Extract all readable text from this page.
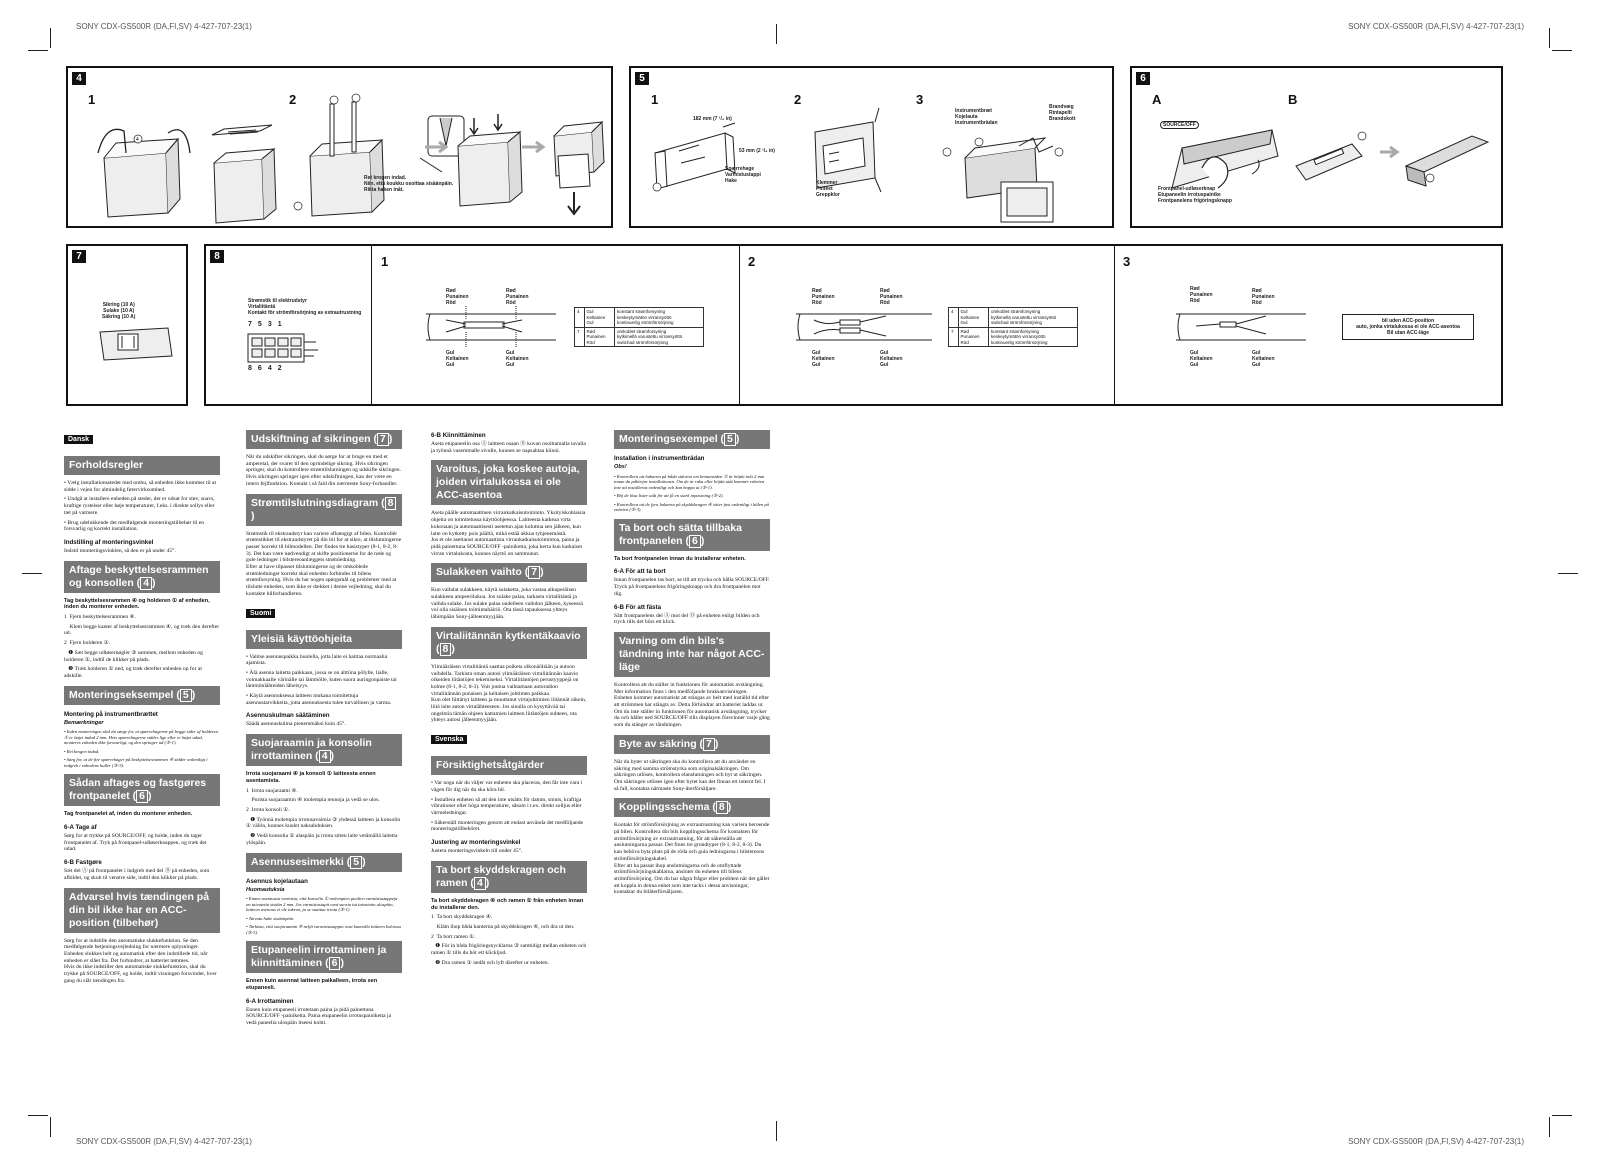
SONY CDX-GS500R (DA,FI,SV) 4-427-707-23(1)	SONY CDX-GS500R (DA,FI,SV) 4-427-707-23(1)
SONY CDX-GS500R (DA,FI,SV) 4-427-707-23(1)	SONY CDX-GS500R (DA,FI,SV) 4-427-707-23(1)
4
1	2
4
Ret krogen indad.
Niin, että koukku osoittaa sisäänpäin.
Rikta haken inåt.
5
1	2	3
182 mm (7 ¹/₄ in)
53 mm (2 ¹/₈ in)
Spærrehage
Varmistustappi
Hake	Klemmer
Pinteet
Greppklor
Instrumentbræt
Kojelauta
Instrumentbrädan
Brandvæg
Rintapelti
Brandskott
6
A	B
SOURCE/OFF
Frontpanel-udløserknap
Etupaneelin irrotuspainike
Frontpanelens frigöringsknapp
7
Sikring (10 A)
Sulake (10 A)
Säkring (10 A)
8	1	2	3
Strømstik til elektrudstyr
Virtaliitäntä
Kontakt för strömförsörjning av extrautrustning
7531
8642
Rød
Punainen
Röd
Rød
Punainen
Röd
Gul
Keltainen
Gul
Gul
Keltainen
Gul
4	Gul
Keltainen
Gul	konstant strømforsyning
keskeytymätön virransyöttö
kontinuerlig strömförsörjning
7	Rød
Punainen
Röd	omkoblet strømforsyning
kytkimellä varustettu virransyöttö
switchad strömförsörjning
Rød
Punainen
Röd
Rød
Punainen
Röd
Gul
Keltainen
Gul
Gul
Keltainen
Gul
4	Gul
Keltainen
Gul	omkoblet strømforsyning
kytkimellä varustettu virransyöttö
switchad strömförsörjning
7	Rød
Punainen
Röd	konstant strømforsyning
keskeytymätön virransyöttö
kontinuerlig strömförsörjning
Rød
Punainen
Röd
Rød
Punainen
Röd
Gul
Keltainen
Gul
Gul
Keltainen
Gul
bil uden ACC-position
auto, jonka virtalukossa ei ole ACC-asentoa
Bil utan ACC-läge
Dansk
Forholdsregler

• Vælg installationsstedet med omhu, så enheden ikke kommer til at sidde i vejen for almindelig førervirksomhed.

• Undgå at installere enheden på steder, der er udsat for støv, snavs, kraftige rystelser eller høje temperaturer, f.eks. i direkte sollys eller tæt på varmere.

• Brug udelukkende det medfølgende monteringstilbehør til en forsvarlig og korrekt installation.

Indstilling af monteringsvinkel

Indstil monteringsvinklen, så den er på under 45°.

Aftage beskyttelsesrammen og konsollen ( 4 )

Tag beskyttelsesrammen ④ og holderen ① af enheden, inden du monterer enheden.

1  Fjern beskyttelsesrammen ④.

Klem begge kanter af beskyttelsesrammen ④, og træk den derefter ud.

2  Fjern holderen ①.

❶ Sæt begge udløsernøgler ③ sammen, mellem enheden og holderen ①, indtil de klikker på plads.

❷ Træk holderen ① ned, og træk derefter enheden op for at adskille.

Monteringseksempel ( 5 )
Montering på instrumentbrættet

Bemærkninger

• Inden monteringen skal du sørge for, at spærrehagerne på begge sider af holderen ① er bøjet indad 2 mm. Hvis spærrehagerne sidder lige eller er bøjet udad, monteres enheden ikke forsvarligt, og den springer ud (⑤-1).

• Ret krogen indad.

• Sørg for, at de fire spærrehager på beskyttelsesrammen ④ sidder ordentligt i indgreb i enhedens huller (⑤-3).

Sådan aftages og fastgøres frontpanelet ( 6 )

Tag frontpanelet af, inden du monterer enheden.

6-A Tage af

Sørg for at trykke på SOURCE/OFF, og holde, inden du tager frontpanelet af. Tryk på frontpanel-udløserknappen, og træk det udad.

6-B Fastgøre

Sæt del Ⓐ på frontpanelet i indgreb med del Ⓑ på enheden, som afbildet, og skub til venstre side, indtil den klikker på plads.

Advarsel hvis tændingen på din bil ikke har en ACC-position (tilbehør)

Sørg for at indstille den automatiske slukkefunktion. Se den medfølgende betjeningsvejledning for nærmere oplysninger.
Enheden slukkes helt og automatisk efter den indstillede tid, når enheden er slået fra. Det forhindrer, at batteriet tømmes.
Hvis du ikke indstiller den automatiske slukkefunktion, skal du trykke på SOURCE/OFF, og holde, indtil visningen forsvinder, hver gang du slår tændingen fra.

Udskiftning af sikringen ( 7 )

Når du udskifter sikringen, skal du sørge for at bruge en med et amperetal, der svarer til den oprindelige sikring. Hvis sikringen springer, skal du kontrollere strømtilslutningen og udskifte sikringen. Hvis sikringen springer igen efter udskiftningen, kan der være en intern fejlfunktion. Kontakt i så fald din nærmeste Sony-forhandler.

Strømtilslutningsdiagram ( 8)

Strømstik til ekstraudstyr kan variere afhængigt af bilen. Kontrollér strømstikket til ekstraudstyret på din bil for at sikre, at tilslutningerne passer korrekt til bilmodellen. Der findes tre basistyper (8-1, 8-2, 8-3). Det kan være nødvendigt at skifte positionerne for de røde og gule ledninger i bilstereoanlæggets strømledning.
Efter at have tilpasset tilslutningerne og de omkoblede strømledninger korrekt skal enheden forbindes til bilens strømforsyning. Hvis du har nogen spørgsmål og problemer med at tilslutte enheden, som ikke er dækket i denne vejledning, skal du kontakte bilforhandleren.

Suomi
Yleisiä käyttöohjeita

• Valitse asennuspaikka huolella, jotta laite ei haittaa normaalia ajamista.

• Älä asenna laitetta paikkaan, jossa se on alttiina pölylle, lialle, voimakkaalle värinälle tai lämmölle, kuten suora auringonpaiste tai lämmönlähteiden läheisyys.

• Käytä asennuksessa laitteen mukana toimitettuja asennustarvikkeita, jotta asennuksesta tulee turvallinen ja varma.

Asennuskulman säätäminen

Säädä asennuskulma pienemmäksi kuin 45°.

Suojaraamin ja konsolin irrottaminen ( 4 )

Irrota suojaraami ④ ja konsoli ① laitteesta ennen asentamista.

1  Irrota suojaraami ④.

Purista suojaraamin ④ molempia reunoja ja vedä se ulos.

2  Irrota konsoli ①.

❶ Työnnä molempia irrotusavaimia ③ yhdessä laitteen ja konsolin ① väliin, kunnes kuulet naksahduksen.

❷ Vedä konsolia ① alaspäin ja irrota sitten laite vetämällä laitetta ylöspäin.

Asennusesimerkki ( 5 )
Asennus kojelautaan

Huomautuksia

• Ennen asennusta varmista, että konsolin ① molempien puolien varmistustappeja on taivutettu sisään 2 mm. Jos varmistustapit ovat suoria tai taivutettu ulospäin, laitteen asennus ei ole tukeva, ja se saattaa irrota (⑤-1).

• Taivuta hake sisäänpäin.

• Tarkista, että suojaraamin ④ neljä varmistustappia ovat kunnolla laitteen koloissa (⑤-3).

Etupaneelin irrottaminen ja kiinnittäminen ( 6 )

Ennen kuin asennat laitteen paikalleen, irrota sen etupaneeli.

6-A Irrottaminen

Ennen kuin etupaneeli irrotetaan paina ja pidä painettuna SOURCE/OFF -painiketta. Paina etupaneelin irrotuspainiketta ja vedä paneelia ulospäin itseesi kohti.

6-B Kiinnittäminen

Aseta etupaneelin osa Ⓐ laitteen osaan Ⓑ kuvan osoittamalla tavalla ja työnnä vasemmalle sivulle, kunnes se napsahtaa kiinni.

Varoitus, joka koskee autoja, joiden virtalukossa ei ole ACC-asentoa

Aseta päälle automaattinen virrankatkaisutoiminto. Yksityiskohtaisia ohjeita on toimitetussa käyttöohjeessa. Laitteesta katkeaa virta kokonaan ja automaattisesti asetetun ajan kuluttua sen jälkeen, kun laite on kytketty pois päältä, mikä estää akkua tyhjenemästä.
Jos et ole asettanut automaattista virrankatkaisutoimintoa, paina ja pidä painettuna SOURCE/OFF -painiketta, joka kerta kun katkaiset virran virtalukosta, kunnes näyttö on sammunut.

Sulakkeen vaihto ( 7 )

Kun vaihdat sulakkeen, käytä sulaketta, joka vastaa alkuperäisen sulakkeen ampeerilukua. Jos sulake palaa, tarkasta virtaliitäntä ja vaihda sulake. Jos sulake palaa uudelleen vaihdon jälkeen, kyseessä voi olla sisäinen toimintahäiriö. Ota tässä tapauksessa yhteys lähimpään Sony-jälleenmyyjään.

Virtaliitännän kytkentäkaavio ( 8 )

Ylimääräisen virtaliitäntä saattaa poiketa ulkonäöltään ja autoon vaihdella. Tarkista oman autosi ylimääräisen virtaliitännän kaavio oikeiden liitäntöjen tekemiseksi. Virtaliitäntöjen perustyyppejä on kolme (8-1, 8-2, 8-3). Voit joutua vaihtamaan autoradion virtaliitännän punaisen ja keltaisen johtimen paikkaa.
Kun olet liittänyt laitteen ja muuttanut virtajohtimien liitännät oikein, liitä laite auton virtalähteeseen. Jos sinulla on kysyttävää tai ongelmia tämän ohjeen kattamien laitteen liitäntöjen suhteen, ota yhteys autosi jälleenmyyjään.

Svenska
Försiktighetsåtgärder

• Var noga när du väljer var enheten ska placeras, den får inte vara i vägen för dig när du ska köra bil.

• Installera enheten så att den inte utsätts för damm, smuts, kraftiga vibrationer eller höga temperaturer, såsom i t.ex. direkt solljus eller värmeledningar.

• Säkerställ monteringen genom att endast använda det medföljande monteringstillbehöret.

Justering av monteringsvinkel

Justera monteringsvinkeln till under 45°.

Ta bort skyddskragen och ramen ( 4 )

Ta bort skyddskragen ④ och ramen ① från enheten innan du installerar den.

1  Ta bort skyddskragen ④.

Kläm ihop båda kanterna på skyddskragen ④, och dra ut den.

2  Ta bort ramen ①.

❶ För in båda frigöringsnycklarna ③ samtidigt mellan enheten och ramen ① tills du hör ett klickljud.

❷ Dra ramen ① nedåt och lyft därefter ur enheten.

Monteringsexempel ( 5 )
Installation i instrumentbrädan

Obs!

• Kontrollera att hakarna på båda sidorna om kronansiden ① är böjda inåt 2 mm innan du påbörjar installationen. Om de är raka eller böjda utåt kommer enheten inte att installeras ordentligt och kan hoppa ut (⑤-1).

• Böj de lösa lister utåt för att få en stark inpassning (⑤-2).

• Kontrollera att de fyra hakarna på skyddskragen ④ sitter fast ordentligt i hålen på enheten (⑤-3).

Ta bort och sätta tillbaka frontpanelen ( 6 )

Ta bort frontpanelen innan du installerar enheten.

6-A För att ta bort

Innan frontpanelen tas bort, se till att trycka och hålla SOURCE/OFF. Tryck på frontpanelens frigöringsknapp och dra frontpanelen mot dig.

6-B För att fästa

Sätt frontpanelens del Ⓐ mot del Ⓑ på enheten enligt bilden och tryck tills det hörs ett klick.

Varning om din bils's tändning inte har något ACC-läge

Kontrollera att du ställer in funktionen för automatisk avstängning. Mer information finns i den medföljande bruksanvisningen.
Enheten kommer automatiskt att stängas av helt med inställd tid efter att strömmen har stängts av. Detta förhindrar att batteriet laddas ur.
Om du inte ställer in funktionen för automatisk avstängning, trycker du och håller ned SOURCE/OFF tills displayen försvinner varje gång som du stänger av tändningen.

Byte av säkring ( 7 )

När du byter ut säkringen ska du kontrollera att du använder en säkring med samma strömstyrka som originalsäkringen. Om säkringen utlöses, kontrollera elanslutningen och byt ut säkringen. Om säkringen utlöses igen efter bytet kan det finnas ett internt fel. I så fall, kontakta närmaste Sony-återförsäljare.

Kopplingsschema ( 8 )

Kontakt för strömförsörjning av extrautrustning kan variera beroende på bilen. Kontrollera din bils kopplingsschema för kontakten för strömförsörjning av extrautrustning, för att säkerställa att anslutningarna passar. Det finns tre grundtyper (8-1, 8-2, 8-3). Du kan behöva byta plats på de röda och gula ledningarna i bilstereons strömförsörjningskabel.
Efter att ha passat ihop anslutningarna och de omflyttade strömförsörjningskablarna, ansluter du enheten till bilens strömförsörjning. Om du har några frågor eller problem när det gäller att koppla in denna enhet som inte tacks i dessa anvisningar, kontaktar du bilåterförsäljaren.
